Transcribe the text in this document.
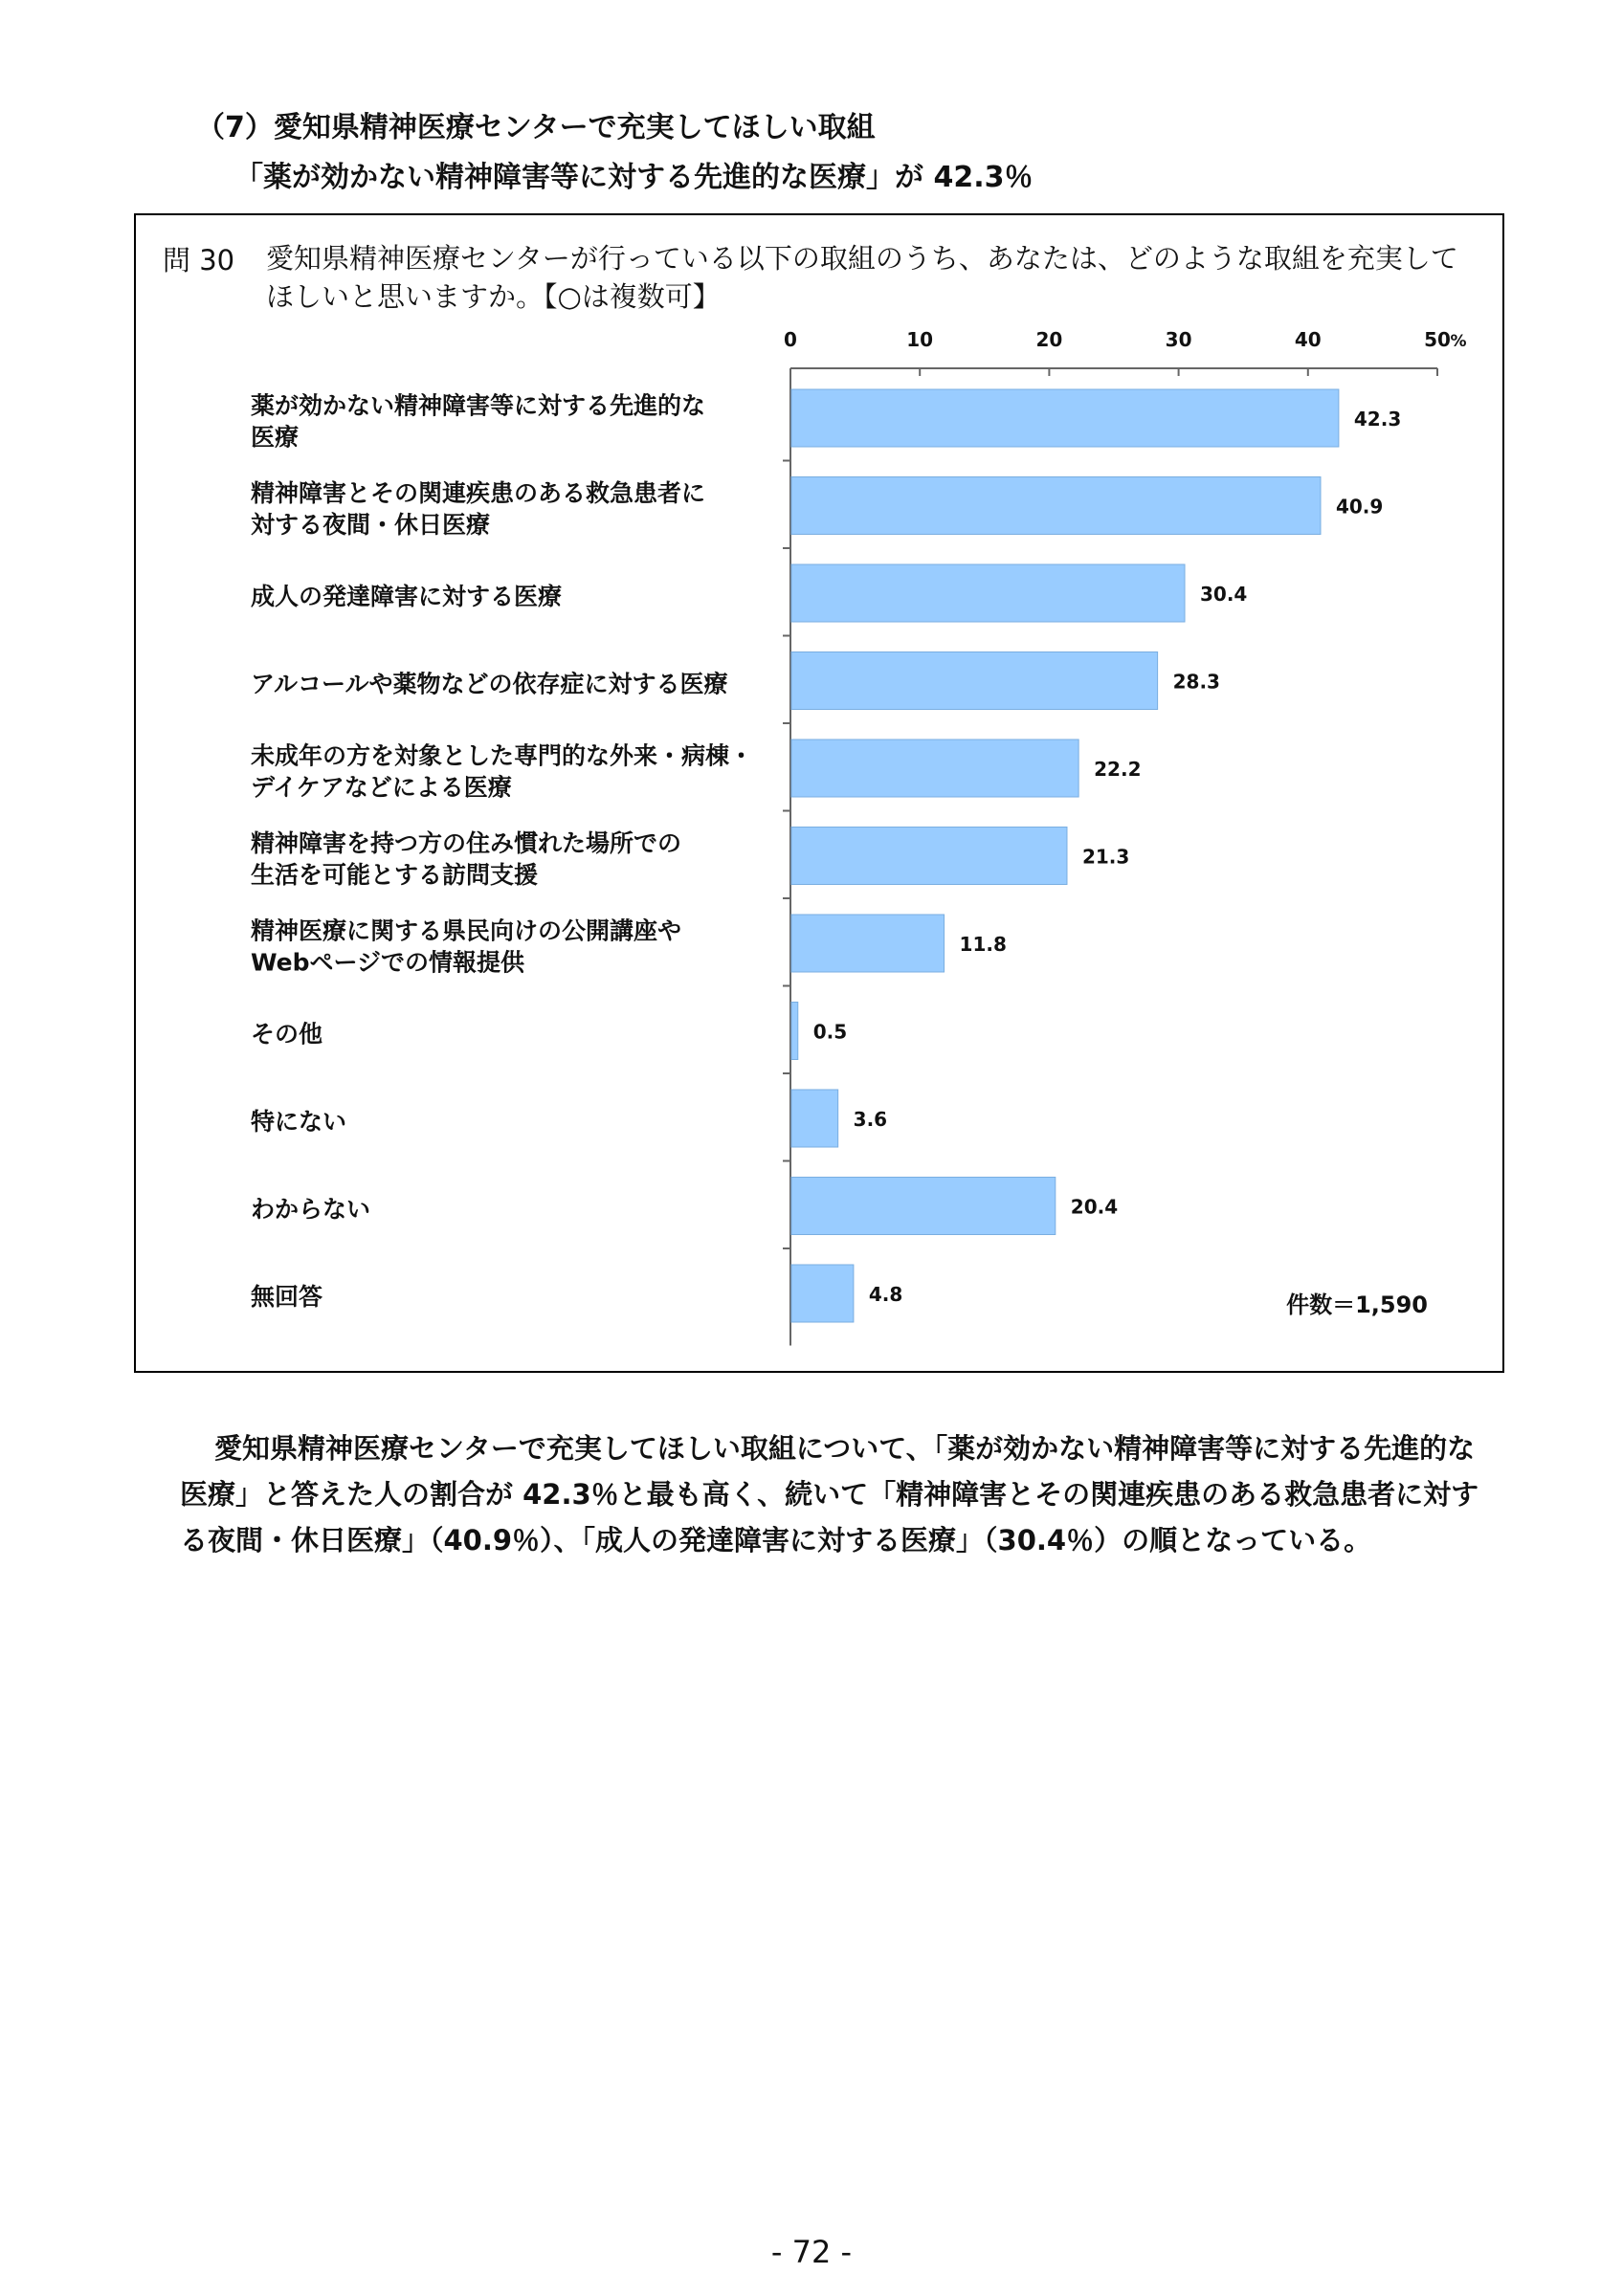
（7）愛知県精神医療センターで充実してほしい取組
「薬が効かない精神障害等に対する先進的な医療」が 42.3％
問 30 愛知県精神医療センターが行っている以下の取組のうち、あなたは、どのような取組を充実してほしいと思いますか。【○は複数可】
0	10	20	30	40	50 %
42.3
薬が効かない精神障害等に対する先進的な
医療
40.9
精神障害とその関連疾患のある救急患者に
対する夜間・休日医療
30.4
成人の発達障害に対する医療
28.3
アルコールや薬物などの依存症に対する医療
22.2
未成年の方を対象とした専門的な外来・病棟・
デイケアなどによる医療
21.3
精神障害を持つ方の住み慣れた場所での
生活を可能とする訪問支援
11.8
精神医療に関する県民向けの公開講座や
Webページでの情報提供
0.5
その他
3.6
特にない
20.4
わからない
4.8
無回答	件数＝1,590
愛知県精神医療センターで充実してほしい取組について、「薬が効かない精神障害等に対する先進的な医療」と答えた人の割合が 42.3％と最も高く、続いて「精神障害とその関連疾患のある救急患者に対する夜間・休日医療」（40.9％）、「成人の発達障害に対する医療」（30.4％）の順となっている。
- 72 -
